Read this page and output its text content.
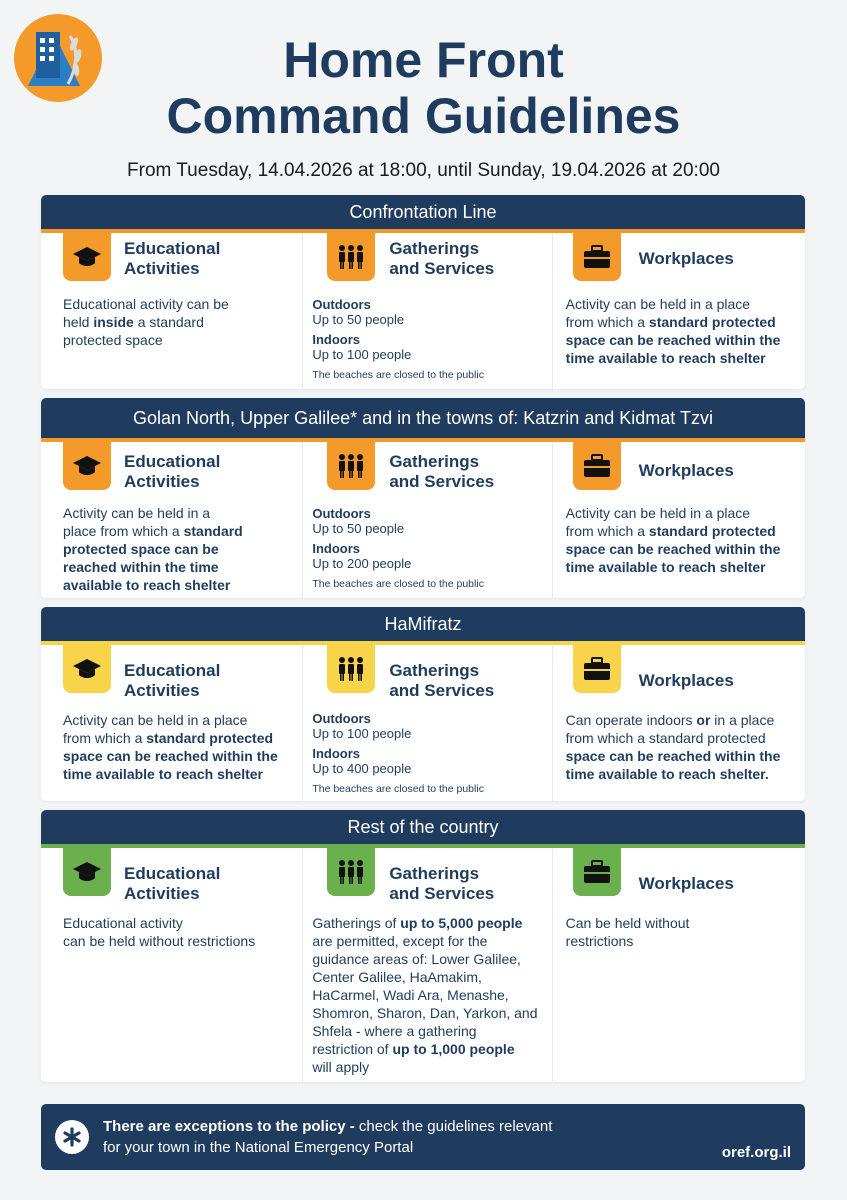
Home Front
Command Guidelines
From Tuesday, 14.04.2026 at 18:00, until Sunday, 19.04.2026 at 20:00
Confrontation Line
Educational
Activities
Educational activity can be
held inside a standard
protected space
Gatherings
and Services
Outdoors
Up to 50 people
Indoors
Up to 100 people
The beaches are closed to the public
Workplaces
Activity can be held in a place
from which a standard protected
space can be reached within the
time available to reach shelter
Golan North, Upper Galilee* and in the towns of: Katzrin and Kidmat Tzvi
Educational
Activities
Activity can be held in a
place from which a standard
protected space can be
reached within the time
available to reach shelter
Gatherings
and Services
Outdoors
Up to 50 people
Indoors
Up to 200 people
The beaches are closed to the public
Workplaces
Activity can be held in a place
from which a standard protected
space can be reached within the
time available to reach shelter
HaMifratz
Educational
Activities
Activity can be held in a place
from which a standard protected
space can be reached within the
time available to reach shelter
Gatherings
and Services
Outdoors
Up to 100 people
Indoors
Up to 400 people
The beaches are closed to the public
Workplaces
Can operate indoors or in a place
from which a standard protected
space can be reached within the
time available to reach shelter.
Rest of the country
Educational
Activities
Educational activity
can be held without restrictions
Gatherings
and Services
Gatherings of up to 5,000 people
are permitted, except for the
guidance areas of: Lower Galilee,
Center Galilee, HaAmakim,
HaCarmel, Wadi Ara, Menashe,
Shomron, Sharon, Dan, Yarkon, and
Shfela - where a gathering
restriction of up to 1,000 people
will apply
Workplaces
Can be held without
restrictions
There are exceptions to the policy - check the guidelines relevant
for your town in the National Emergency Portal	oref.org.il
